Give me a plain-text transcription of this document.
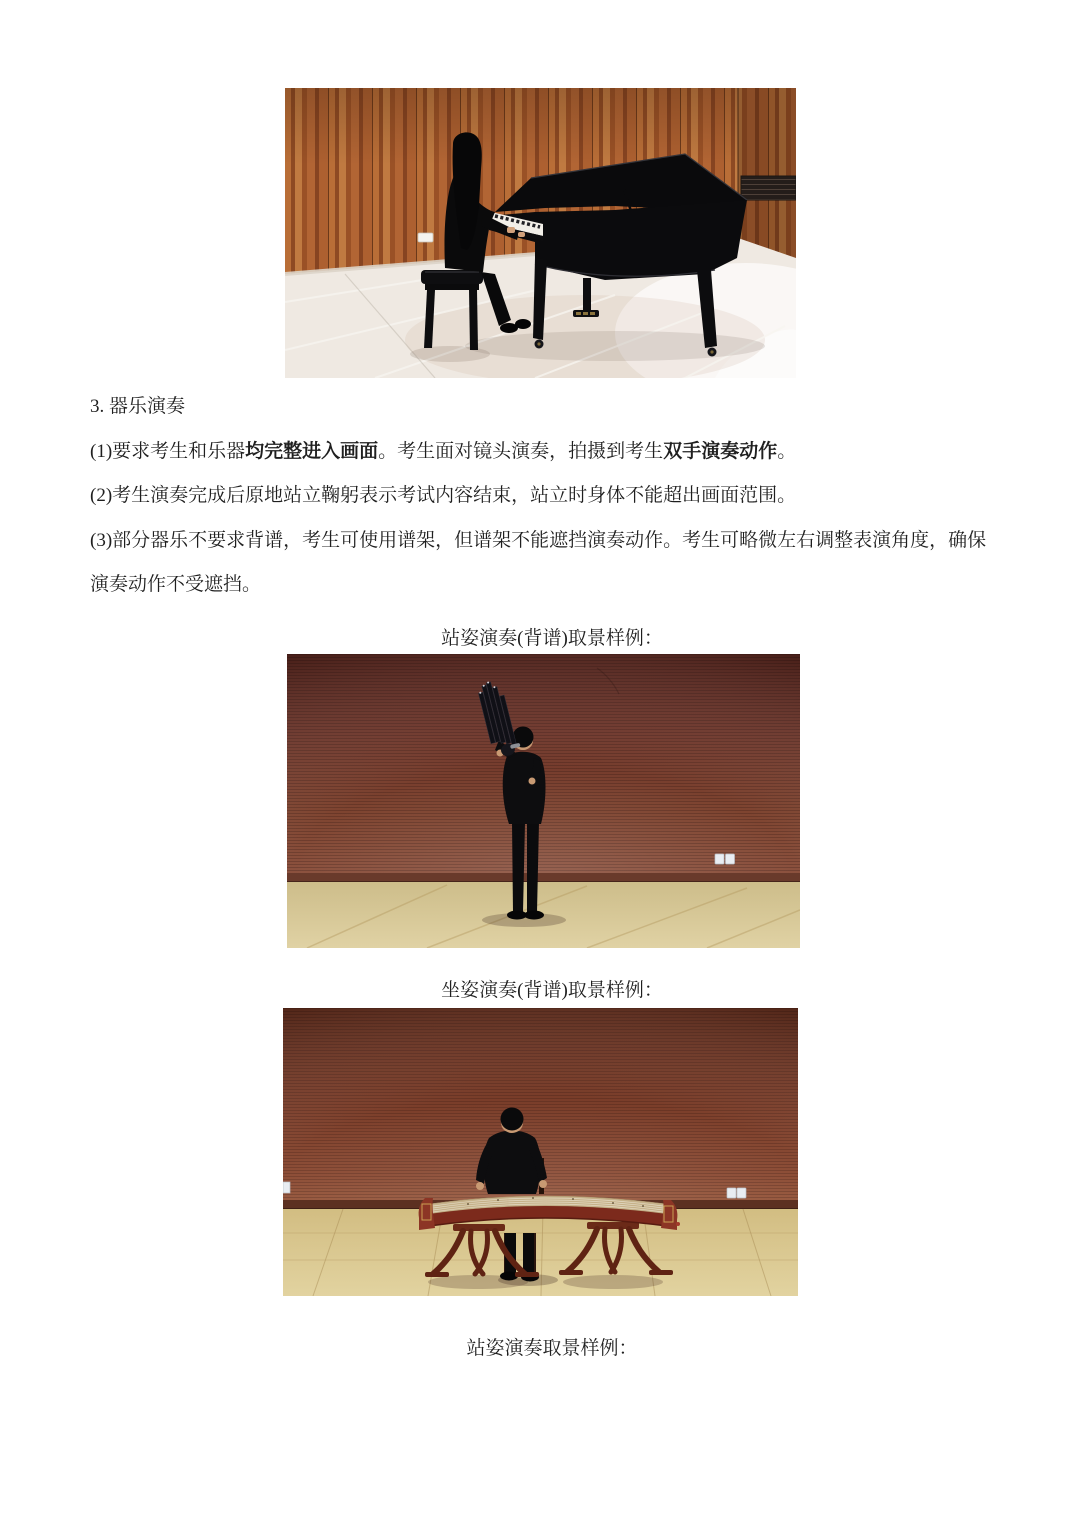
3. 器乐演奏
(1)要求考生和乐器均完整进入画面。考生面对镜头演奏，拍摄到考生双手演奏动作。
(2)考生演奏完成后原地站立鞠躬表示考试内容结束，站立时身体不能超出画面范围。
(3)部分器乐不要求背谱，考生可使用谱架，但谱架不能遮挡演奏动作。考生可略微左右调整表演角度，确保
演奏动作不受遮挡。

站姿演奏(背谱)取景样例：

坐姿演奏(背谱)取景样例：

站姿演奏取景样例：
